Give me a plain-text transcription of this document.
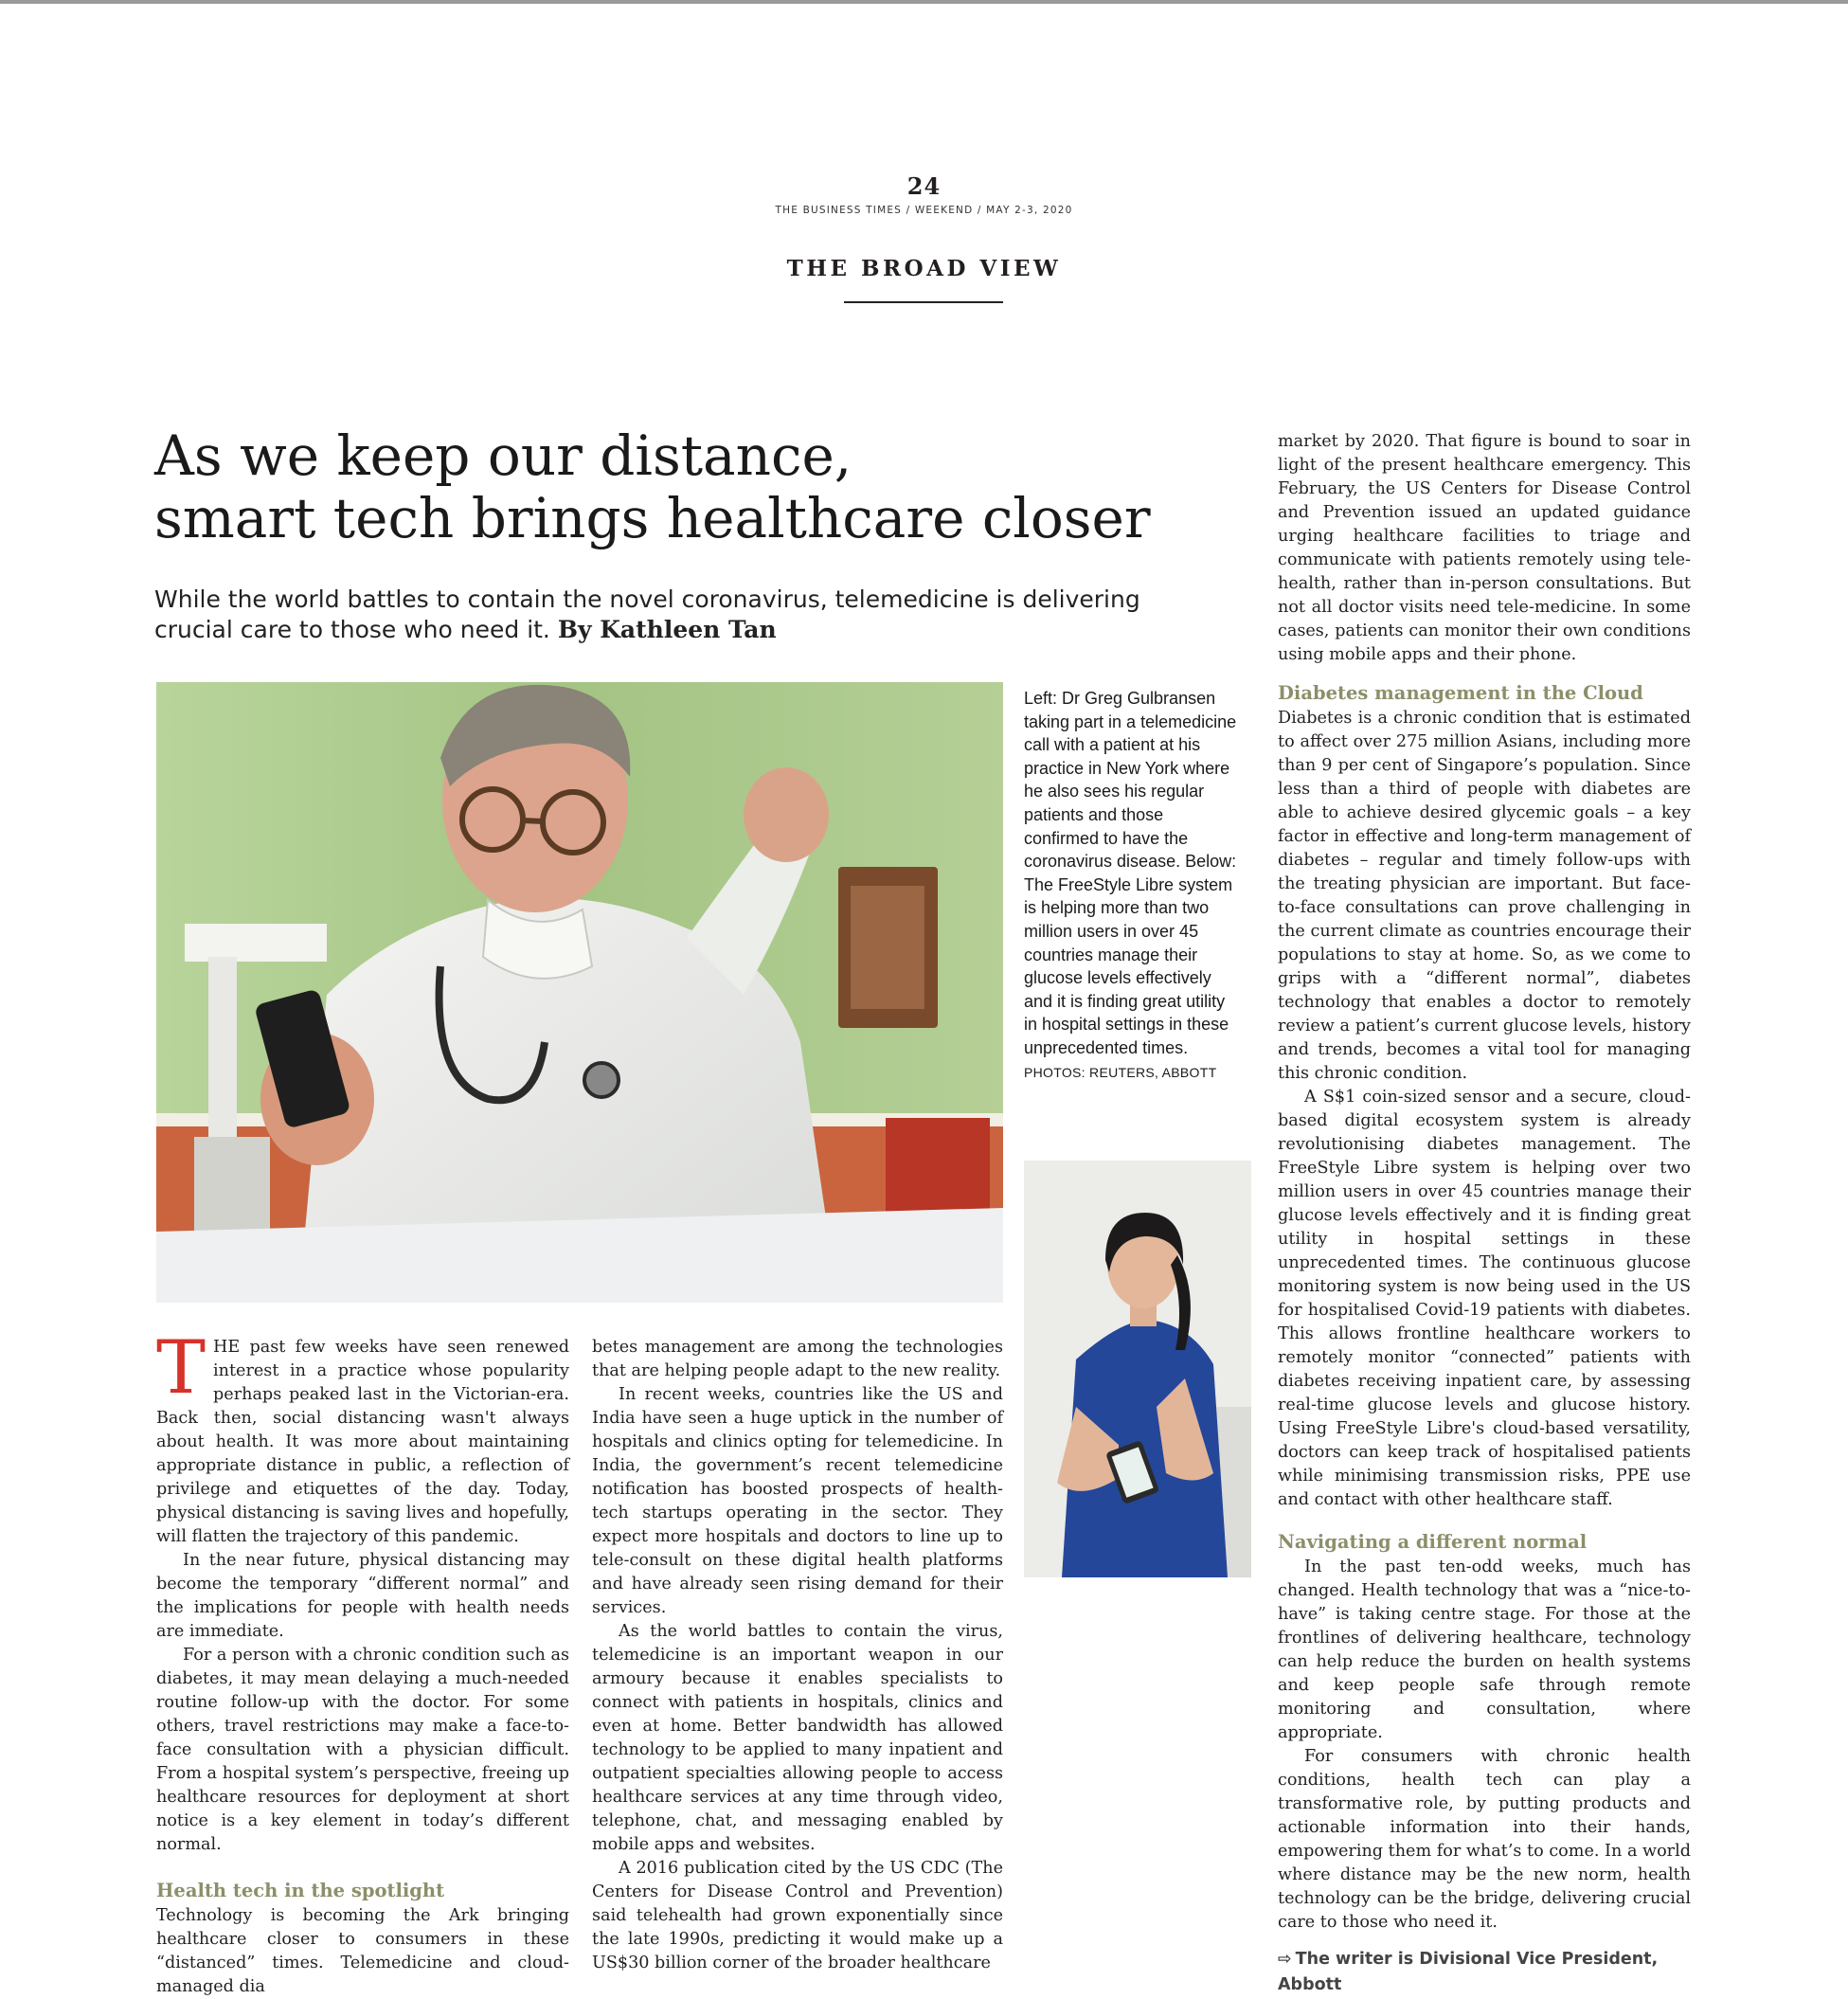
24
THE BUSINESS TIMES / WEEKEND / MAY 2-3, 2020
THE BROAD VIEW
As we keep our distance,
smart tech brings healthcare closer
While the world battles to contain the novel coronavirus, telemedicine is delivering
crucial care to those who need it. By Kathleen Tan
Left: Dr Greg Gulbransen taking part in a telemedicine call with a patient at his practice in New York where he also sees his regular patients and those confirmed to have the coronavirus disease. Below: The FreeStyle Libre system is helping more than two million users in over 45 countries manage their glucose levels effectively and it is finding great utility in hospital settings in these unprecedented times. PHOTOS: REUTERS, ABBOTT

THE past few weeks have seen renewed interest in a practice whose popularity perhaps peaked last in the Victorian-era. Back then, social distancing wasn't always about health. It was more about maintaining appropriate distance in public, a reflection of privilege and etiquettes of the day. Today, physical distancing is saving lives and hopefully, will flatten the trajectory of this pandemic.

In the near future, physical distancing may become the temporary “different normal” and the implications for people with health needs are immediate.

For a person with a chronic condition such as diabetes, it may mean delaying a much-needed routine follow-up with the doctor. For some others, travel restrictions may make a face-to-face consultation with a physician difficult. From a hospital system’s perspective, freeing up healthcare resources for deployment at short notice is a key element in today’s different normal.

Health tech in the spotlight

Technology is becoming the Ark bringing healthcare closer to consumers in these “distanced” times. Telemedicine and cloud-managed dia

betes management are among the technologies that are helping people adapt to the new reality.

In recent weeks, countries like the US and India have seen a huge uptick in the number of hospitals and clinics opting for telemedicine. In India, the government’s recent telemedicine notification has boosted prospects of health-tech startups operating in the sector. They expect more hospitals and doctors to line up to tele-consult on these digital health platforms and have already seen rising demand for their services.

As the world battles to contain the virus, telemedicine is an important weapon in our armoury because it enables specialists to connect with patients in hospitals, clinics and even at home. Better bandwidth has allowed technology to be applied to many inpatient and outpatient specialties allowing people to access healthcare services at any time through video, telephone, chat, and messaging enabled by mobile apps and websites.

A 2016 publication cited by the US CDC (The Centers for Disease Control and Prevention) said telehealth had grown exponentially since the late 1990s, predicting it would make up a US$30 billion corner of the broader healthcare

market by 2020. That figure is bound to soar in light of the present healthcare emergency. This February, the US Centers for Disease Control and Prevention issued an updated guidance urging healthcare facilities to triage and communicate with patients remotely using tele-health, rather than in-person consultations. But not all doctor visits need tele-medicine. In some cases, patients can monitor their own conditions using mobile apps and their phone.

Diabetes management in the Cloud

Diabetes is a chronic condition that is estimated to affect over 275 million Asians, including more than 9 per cent of Singapore’s population. Since less than a third of people with diabetes are able to achieve desired glycemic goals – a key factor in effective and long-term management of diabetes – regular and timely follow-ups with the treating physician are important. But face-to-face consultations can prove challenging in the current climate as countries encourage their populations to stay at home. So, as we come to grips with a “different normal”, diabetes technology that enables a doctor to remotely review a patient’s current glucose levels, history and trends, becomes a vital tool for managing this chronic condition.

A S$1 coin-sized sensor and a secure, cloud-based digital ecosystem system is already revolutionising diabetes management. The FreeStyle Libre system is helping over two million users in over 45 countries manage their glucose levels effectively and it is finding great utility in hospital settings in these unprecedented times. The continuous glucose monitoring system is now being used in the US for hospitalised Covid-19 patients with diabetes. This allows frontline healthcare workers to remotely monitor “connected” patients with diabetes receiving inpatient care, by assessing real-time glucose levels and glucose history. Using FreeStyle Libre's cloud-based versatility, doctors can keep track of hospitalised patients while minimising transmission risks, PPE use and contact with other healthcare staff.

Navigating a different normal

In the past ten-odd weeks, much has changed. Health technology that was a “nice-to-have” is taking centre stage. For those at the frontlines of delivering healthcare, technology can help reduce the burden on health systems and keep people safe through remote monitoring and consultation, where appropriate.

For consumers with chronic health conditions, health tech can play a transformative role, by putting products and actionable information into their hands, empowering them for what’s to come. In a world where distance may be the new norm, health technology can be the bridge, delivering crucial care to those who need it.

⇨ The writer is Divisional Vice President, Abbott
